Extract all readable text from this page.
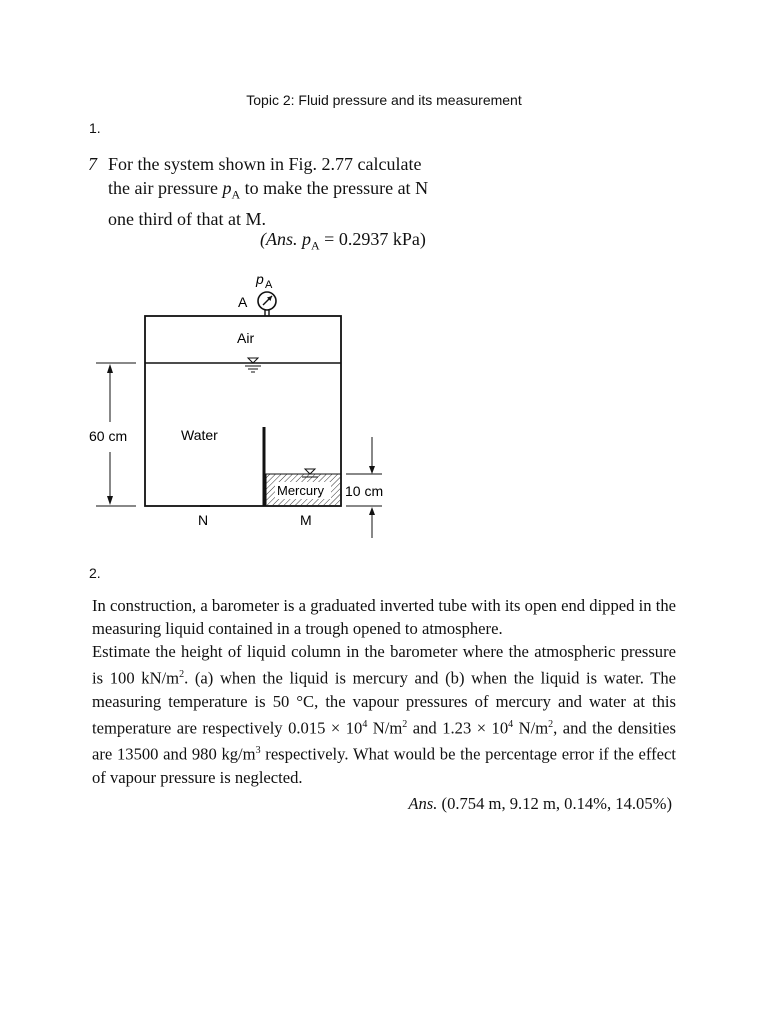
Topic 2: Fluid pressure and its measurement
1.
7 For the system shown in Fig. 2.77 calculate
the air pressure $p_A$ to make the pressure at N
one third of that at M.
(Ans. $p_A = 0.2937$ kPa)
p A
A
Air
Water
Mercury
N	M
60 cm
10 cm
2.

In construction, a barometer is a graduated inverted tube with its open end dipped in the measuring liquid contained in a trough opened to atmosphere.

Estimate the height of liquid column in the barometer where the atmospheric pressure is 100 $kN/m^2$. (a) when the liquid is mercury and (b) when the liquid is water. The measuring temperature is 50 °C, the vapour pressures of mercury and water at this temperature are respectively $0.015 \times 10^4$ $N/m^2$ and $1.23 \times 10^4$ $N/m^2$, and the densities are 13500 and 980 $kg/m^3$ respectively. What would be the percentage error if the effect of vapour pressure is neglected.

Ans. (0.754 m, 9.12 m, 0.14%, 14.05%)
